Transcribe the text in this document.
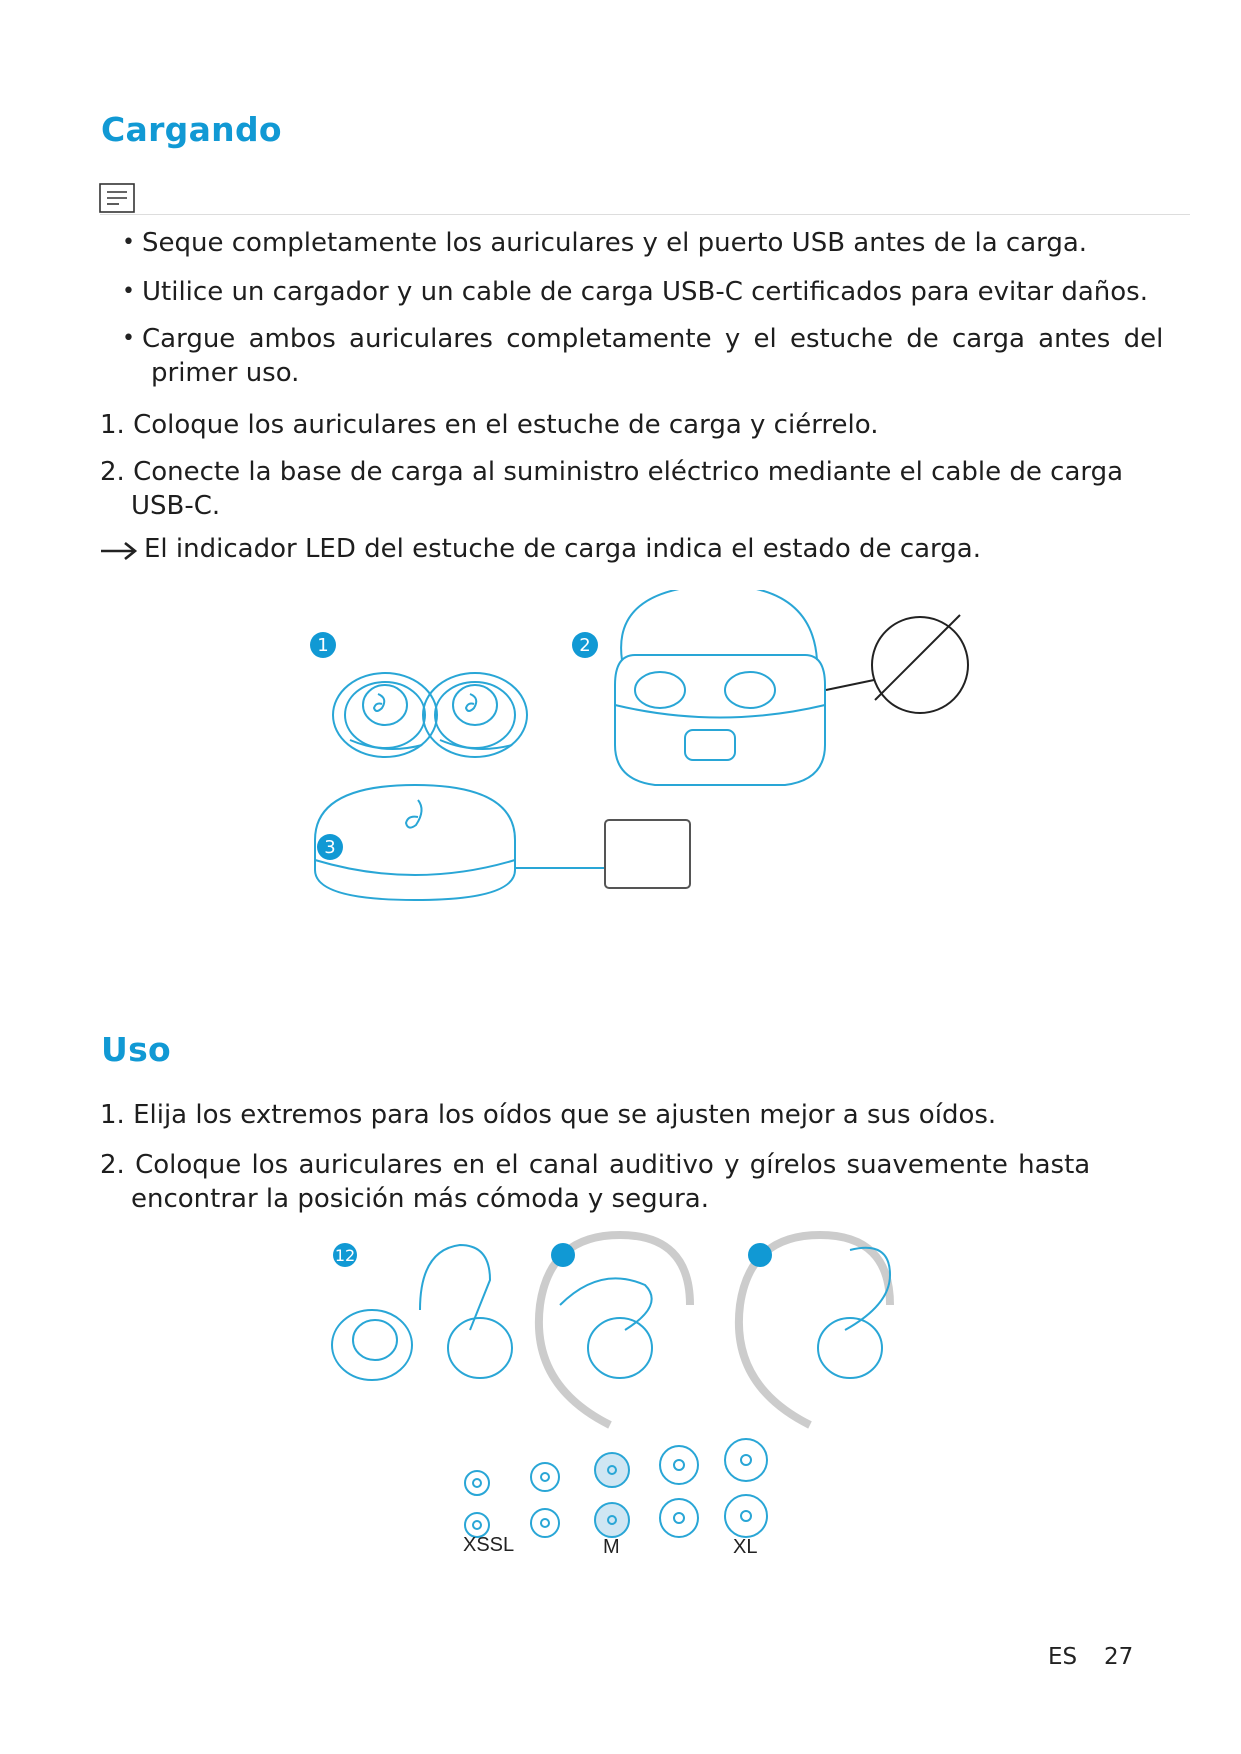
Cargando
• Seque completamente los auriculares y el puerto USB antes de la carga.
• Utilice un cargador y un cable de carga USB-C certificados para evitar daños.
• Cargue ambos auriculares completamente y el estuche de carga antes del
primer uso.
1. Coloque los auriculares en el estuche de carga y ciérrelo.
2. Conecte la base de carga al suministro eléctrico mediante el cable de carga
USB-C.
El indicador LED del estuche de carga indica el estado de carga.
1	2
3
Uso
1. Elija los extremos para los oídos que se ajusten mejor a sus oídos.
2. Coloque los auriculares en el canal auditivo y gírelos suavemente hasta
encontrar la posición más cómoda y segura.
12
XSSL	M	XL
ES 27
